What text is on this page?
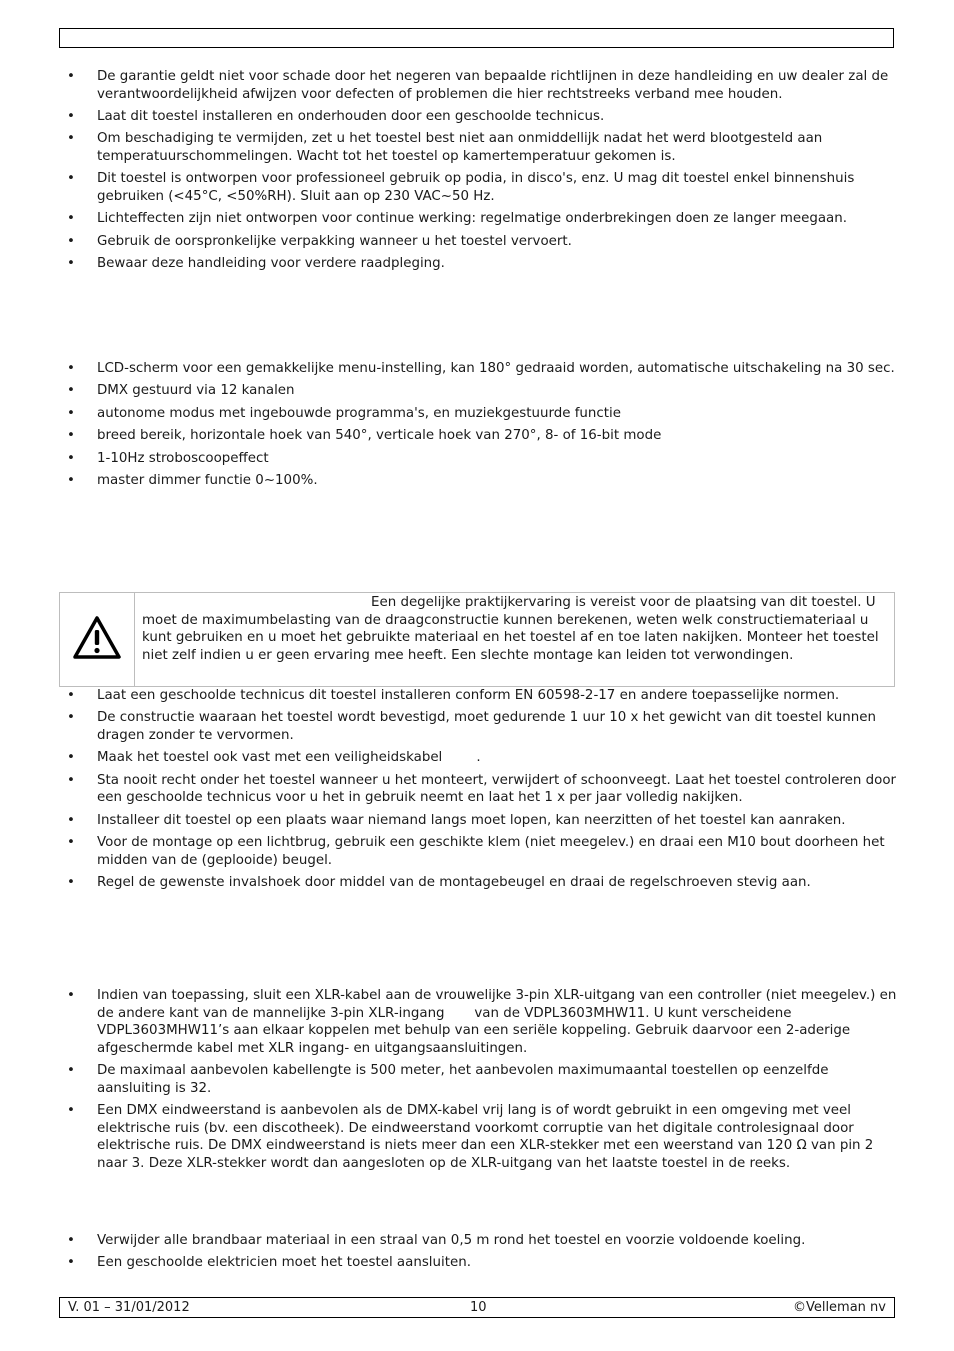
• De garantie geldt niet voor schade door het negeren van bepaalde richtlijnen in deze handleiding en uw dealer zal de verantwoordelijkheid afwijzen voor defecten of problemen die hier rechtstreeks verband mee houden.
• Laat dit toestel installeren en onderhouden door een geschoolde technicus.
• Om beschadiging te vermijden, zet u het toestel best niet aan onmiddellijk nadat het werd blootgesteld aan temperatuurschommelingen. Wacht tot het toestel op kamertemperatuur gekomen is.
• Dit toestel is ontworpen voor professioneel gebruik op podia, in disco's, enz. U mag dit toestel enkel binnenshuis gebruiken (<45°C, <50%RH). Sluit aan op 230 VAC~50 Hz.
• Lichteffecten zijn niet ontworpen voor continue werking: regelmatige onderbrekingen doen ze langer meegaan.
• Gebruik de oorspronkelijke verpakking wanneer u het toestel vervoert.
• Bewaar deze handleiding voor verdere raadpleging.
• LCD-scherm voor een gemakkelijke menu-instelling, kan 180° gedraaid worden, automatische uitschakeling na 30 sec.
• DMX gestuurd via 12 kanalen
• autonome modus met ingebouwde programma's, en muziekgestuurde functie
• breed bereik, horizontale hoek van 540°, verticale hoek van 270°, 8- of 16-bit mode
• 1-10Hz stroboscoopeffect
• master dimmer functie 0~100%.
Een degelijke praktijkervaring is vereist voor de plaatsing van dit toestel. U moet de maximumbelasting van de draagconstructie kunnen berekenen, weten welk constructiemateriaal u kunt gebruiken en u moet het gebruikte materiaal en het toestel af en toe laten nakijken. Monteer het toestel niet zelf indien u er geen ervaring mee heeft. Een slechte montage kan leiden tot verwondingen.
• Laat een geschoolde technicus dit toestel installeren conform EN 60598-2-17 en andere toepasselijke normen.
• De constructie waaraan het toestel wordt bevestigd, moet gedurende 1 uur 10 x het gewicht van dit toestel kunnen dragen zonder te vervormen.
• Maak het toestel ook vast met een veiligheidskabel        .
• Sta nooit recht onder het toestel wanneer u het monteert, verwijdert of schoonveegt. Laat het toestel controleren door een geschoolde technicus voor u het in gebruik neemt en laat het 1 x per jaar volledig nakijken.
• Installeer dit toestel op een plaats waar niemand langs moet lopen, kan neerzitten of het toestel kan aanraken.
• Voor de montage op een lichtbrug, gebruik een geschikte klem (niet meegelev.) en draai een M10 bout doorheen het midden van de (geplooide) beugel.
• Regel de gewenste invalshoek door middel van de montagebeugel en draai de regelschroeven stevig aan.
• Indien van toepassing, sluit een XLR-kabel aan de vrouwelijke 3-pin XLR-uitgang van een controller (niet meegelev.) en de andere kant van de mannelijke 3-pin XLR-ingang       van de VDPL3603MHW11. U kunt verscheidene VDPL3603MHW11’s aan elkaar koppelen met behulp van een seriële koppeling. Gebruik daarvoor een 2-aderige afgeschermde kabel met XLR ingang- en uitgangsaansluitingen.
• De maximaal aanbevolen kabellengte is 500 meter, het aanbevolen maximumaantal toestellen op eenzelfde aansluiting is 32.
• Een DMX eindweerstand is aanbevolen als de DMX-kabel vrij lang is of wordt gebruikt in een omgeving met veel elektrische ruis (bv. een discotheek). De eindweerstand voorkomt corruptie van het digitale controlesignaal door elektrische ruis. De DMX eindweerstand is niets meer dan een XLR-stekker met een weerstand van 120 Ω van pin 2 naar 3. Deze XLR-stekker wordt dan aangesloten op de XLR-uitgang van het laatste toestel in de reeks.
• Verwijder alle brandbaar materiaal in een straal van 0,5 m rond het toestel en voorzie voldoende koeling.
• Een geschoolde elektricien moet het toestel aansluiten.
V. 01 – 31/01/2012	10	©Velleman nv
